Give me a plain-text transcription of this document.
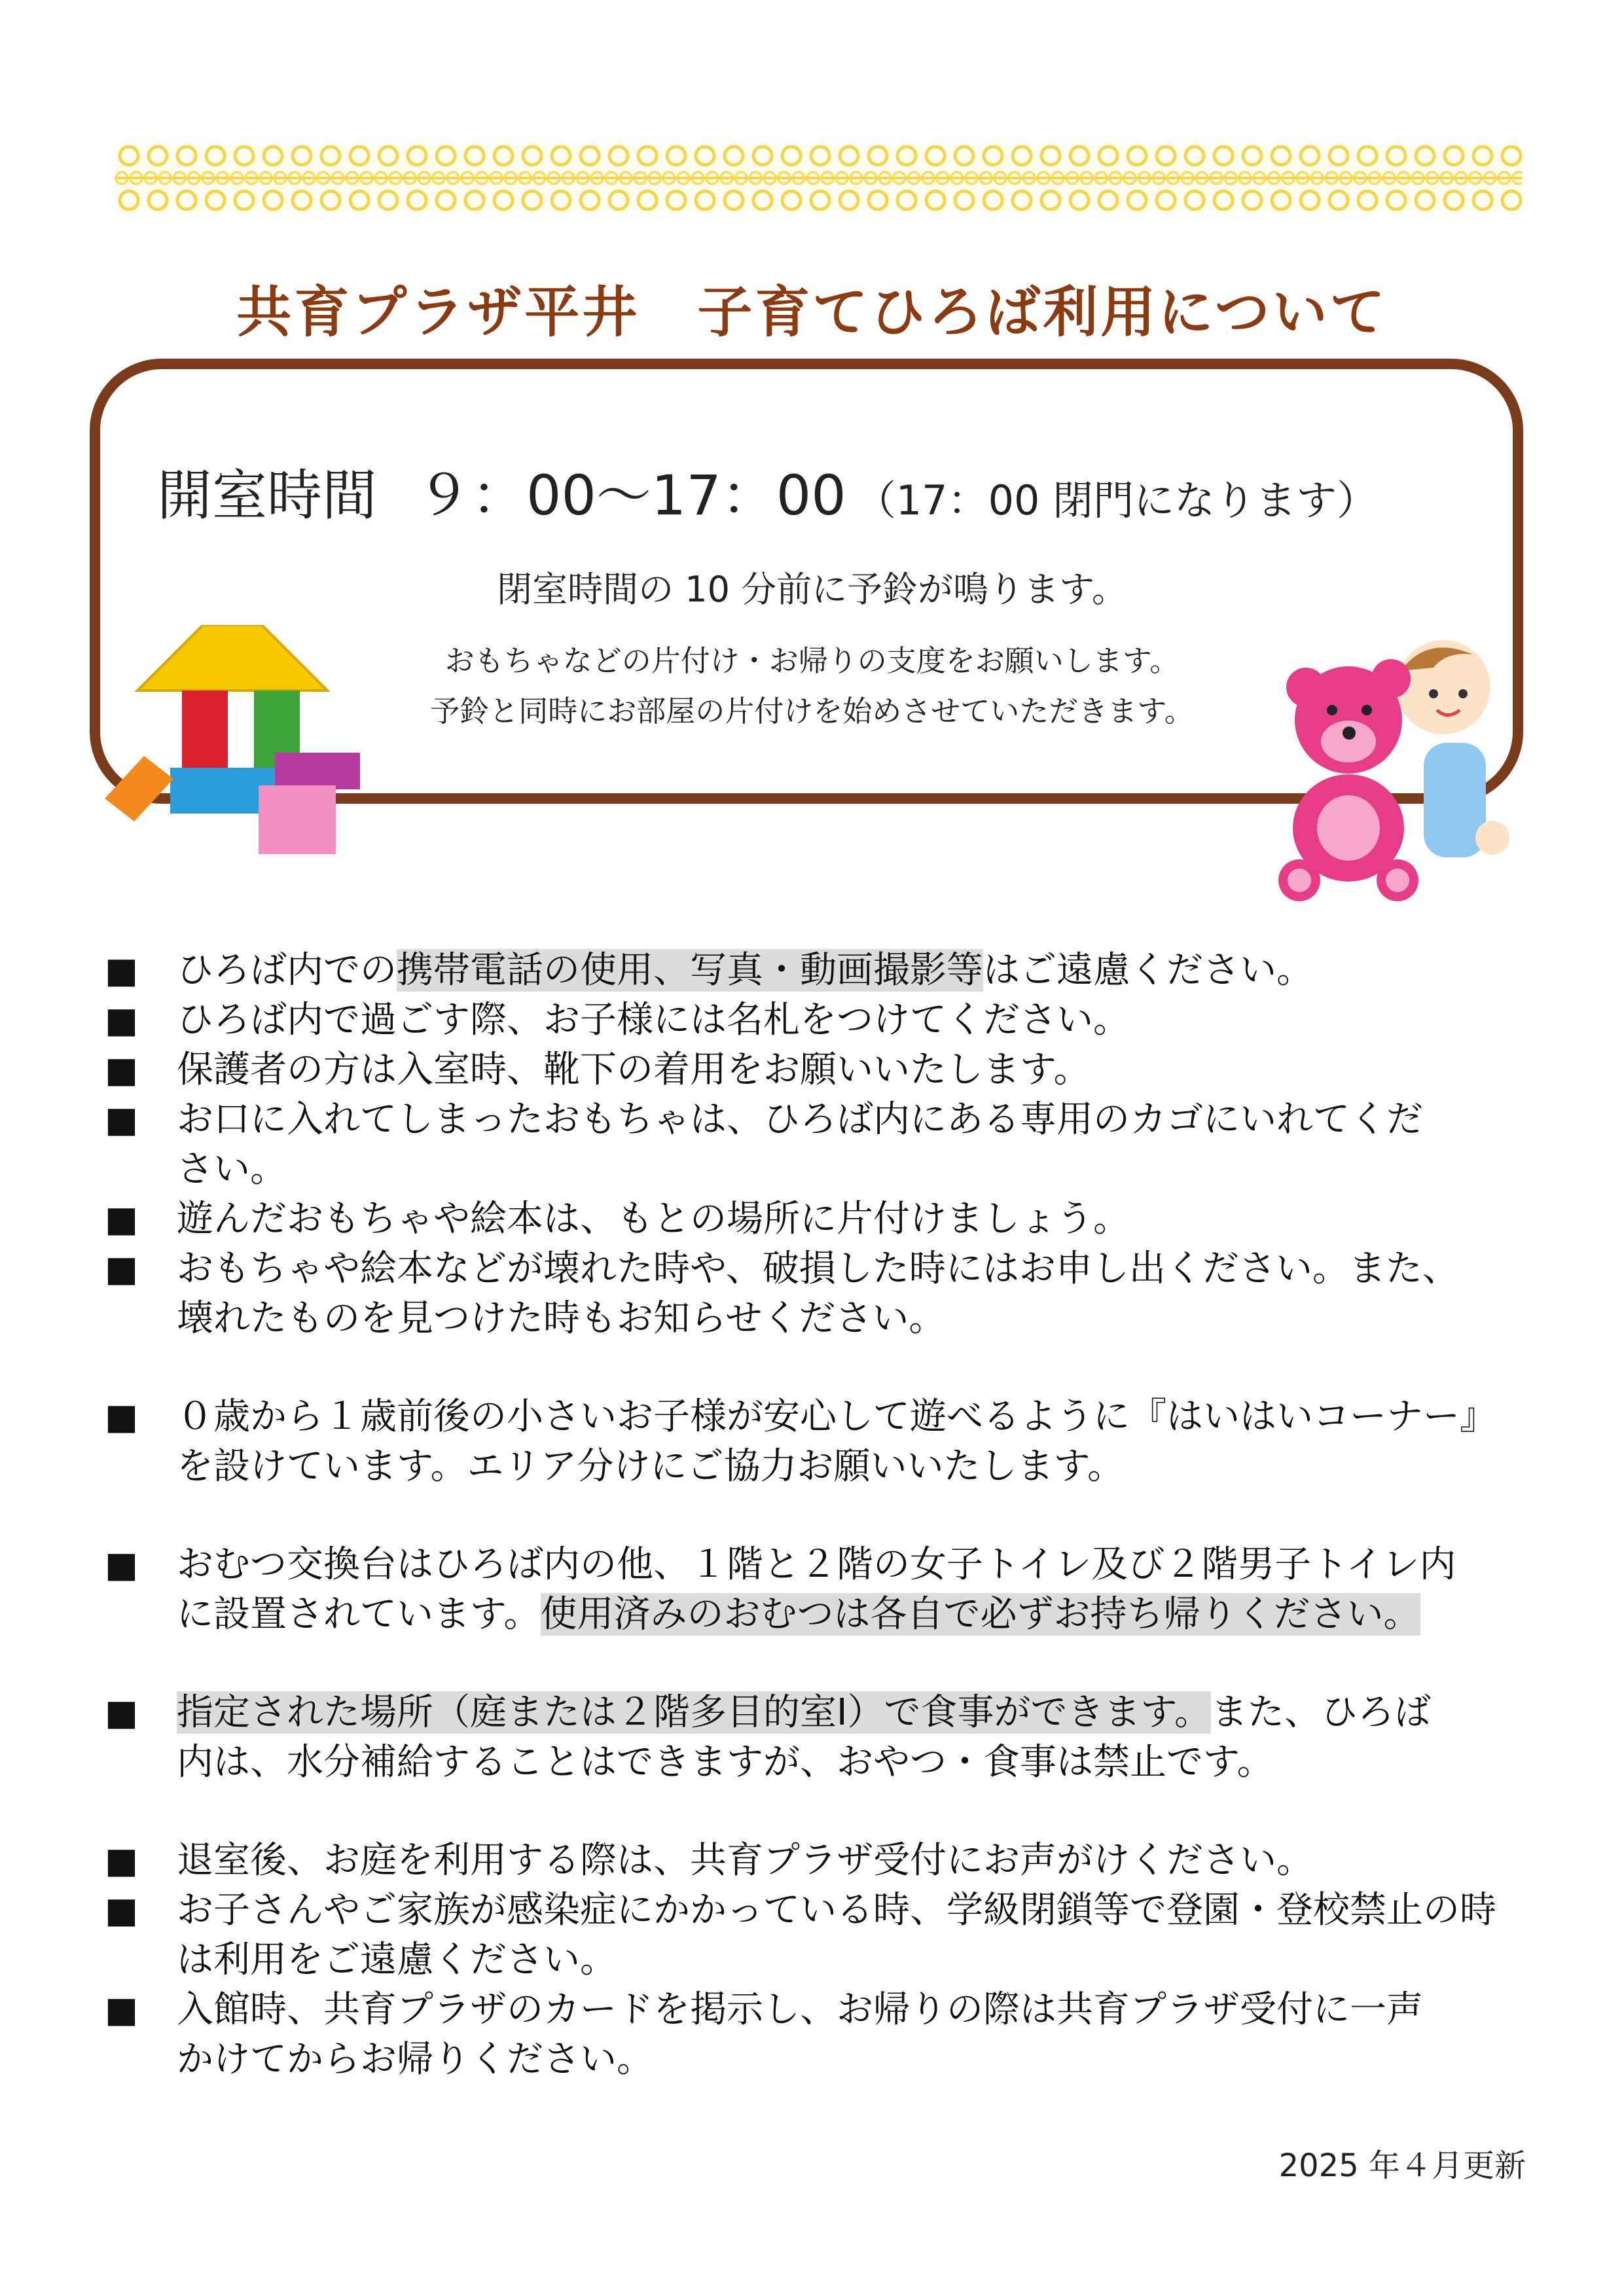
共育プラザ平井　子育てひろば利用について
開室時間 ９：00〜17：00 （17：00 閉門になります）
閉室時間の 10 分前に予鈴が鳴ります。
おもちゃなどの片付け・お帰りの支度をお願いします。
予鈴と同時にお部屋の片付けを始めさせていただきます。
■ ひろば内での携帯電話の使用、写真・動画撮影等はご遠慮ください。
■ ひろば内で過ごす際、お子様には名札をつけてください。
■ 保護者の方は入室時、靴下の着用をお願いいたします。
■ お口に入れてしまったおもちゃは、ひろば内にある専用のカゴにいれてくだ
さい。
■ 遊んだおもちゃや絵本は、もとの場所に片付けましょう。
■ おもちゃや絵本などが壊れた時や、破損した時にはお申し出ください。また、
壊れたものを見つけた時もお知らせください。
■ ０歳から１歳前後の小さいお子様が安心して遊べるように『はいはいコーナー』
を設けています。エリア分けにご協力お願いいたします。
■ おむつ交換台はひろば内の他、１階と２階の女子トイレ及び２階男子トイレ内
に設置されています。使用済みのおむつは各自で必ずお持ち帰りください。
■ 指定された場所（庭または２階多目的室Ⅰ）で食事ができます。また、ひろば
内は、水分補給することはできますが、おやつ・食事は禁止です。
■ 退室後、お庭を利用する際は、共育プラザ受付にお声がけください。
■ お子さんやご家族が感染症にかかっている時、学級閉鎖等で登園・登校禁止の時
は利用をご遠慮ください。
■ 入館時、共育プラザのカードを掲示し、お帰りの際は共育プラザ受付に一声
かけてからお帰りください。
2025 年４月更新
